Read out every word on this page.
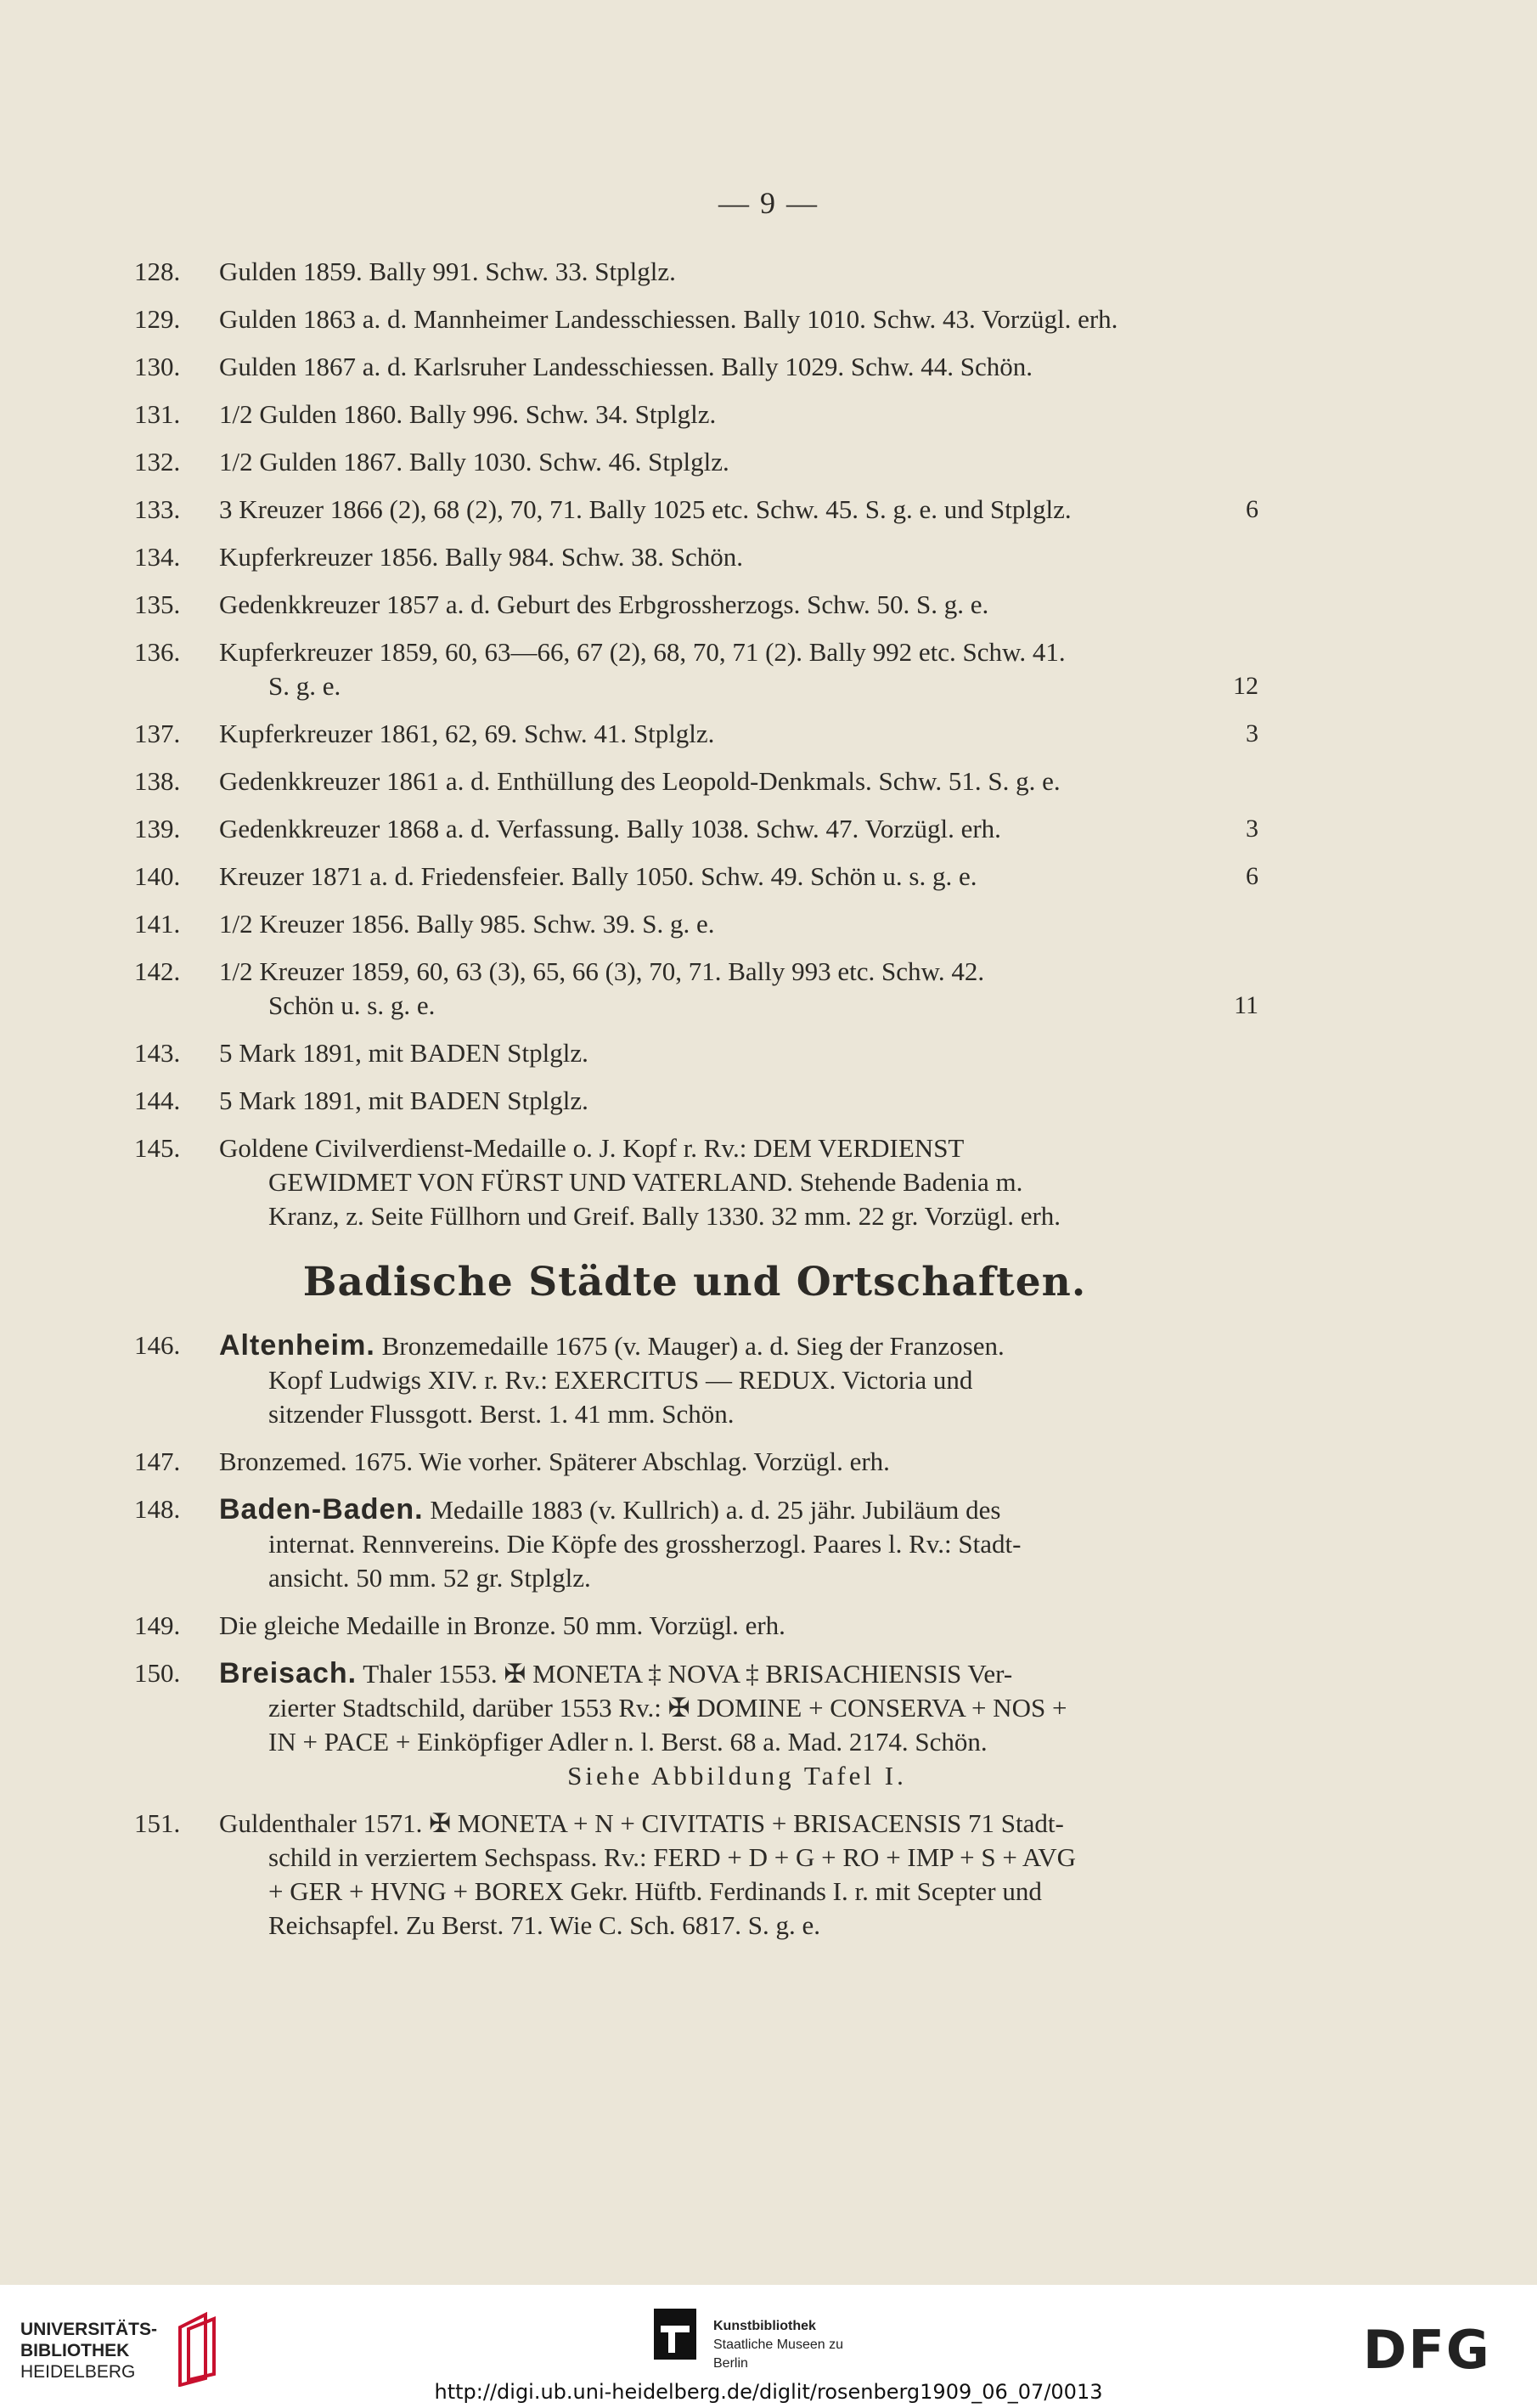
— 9 —
128.	Gulden 1859. Bally 991. Schw. 33. Stplglz.
129.	Gulden 1863 a. d. Mannheimer Landesschiessen. Bally 1010. Schw. 43. Vorzügl. erh.
130.	Gulden 1867 a. d. Karlsruher Landesschiessen. Bally 1029. Schw. 44. Schön.
131.	1/2 Gulden 1860. Bally 996. Schw. 34. Stplglz.
132.	1/2 Gulden 1867. Bally 1030. Schw. 46. Stplglz.
133.	3 Kreuzer 1866 (2), 68 (2), 70, 71. Bally 1025 etc. Schw. 45. S. g. e. und Stplglz.	6
134.	Kupferkreuzer 1856. Bally 984. Schw. 38. Schön.
135.	Gedenkkreuzer 1857 a. d. Geburt des Erbgrossherzogs. Schw. 50. S. g. e.
136.	Kupferkreuzer 1859, 60, 63—66, 67 (2), 68, 70, 71 (2). Bally 992 etc. Schw. 41.
S. g. e.	12
137.	Kupferkreuzer 1861, 62, 69. Schw. 41. Stplglz.	3
138.	Gedenkkreuzer 1861 a. d. Enthüllung des Leopold-Denkmals. Schw. 51. S. g. e.
139.	Gedenkkreuzer 1868 a. d. Verfassung. Bally 1038. Schw. 47. Vorzügl. erh.	3
140.	Kreuzer 1871 a. d. Friedensfeier. Bally 1050. Schw. 49. Schön u. s. g. e.	6
141.	1/2 Kreuzer 1856. Bally 985. Schw. 39. S. g. e.
142.	1/2 Kreuzer 1859, 60, 63 (3), 65, 66 (3), 70, 71. Bally 993 etc. Schw. 42.
Schön u. s. g. e.	11
143.	5 Mark 1891, mit BADEN Stplglz.
144.	5 Mark 1891, mit BADEN Stplglz.
145.	Goldene Civilverdienst-Medaille o. J. Kopf r. Rv.: DEM VERDIENST
GEWIDMET VON FÜRST UND VATERLAND. Stehende Badenia m.
Kranz, z. Seite Füllhorn und Greif. Bally 1330. 32 mm. 22 gr. Vorzügl. erh.
Badische Städte und Ortschaften.
146.	Altenheim. Bronzemedaille 1675 (v. Mauger) a. d. Sieg der Franzosen.
Kopf Ludwigs XIV. r. Rv.: EXERCITUS — REDUX. Victoria und
sitzender Flussgott. Berst. 1. 41 mm. Schön.
147.	Bronzemed. 1675. Wie vorher. Späterer Abschlag. Vorzügl. erh.
148.	Baden-Baden. Medaille 1883 (v. Kullrich) a. d. 25 jähr. Jubiläum des
internat. Rennvereins. Die Köpfe des grossherzogl. Paares l. Rv.: Stadt-
ansicht. 50 mm. 52 gr. Stplglz.
149.	Die gleiche Medaille in Bronze. 50 mm. Vorzügl. erh.
150.	Breisach. Thaler 1553. ✠ MONETA ‡ NOVA ‡ BRISACHIENSIS Ver-
zierter Stadtschild, darüber 1553 Rv.: ✠ DOMINE + CONSERVA + NOS +
IN + PACE + Einköpfiger Adler n. l. Berst. 68 a. Mad. 2174. Schön.
Siehe Abbildung Tafel I.
151.	Guldenthaler 1571. ✠ MONETA + N + CIVITATIS + BRISACENSIS 71 Stadt-
schild in verziertem Sechspass. Rv.: FERD + D + G + RO + IMP + S + AVG
+ GER + HVNG + BOREX Gekr. Hüftb. Ferdinands I. r. mit Scepter und
Reichsapfel. Zu Berst. 71. Wie C. Sch. 6817. S. g. e.
UNIVERSITÄTS-
BIBLIOTHEK
HEIDELBERG
Kunstbibliothek
Staatliche Museen zu Berlin	DFG
http://digi.ub.uni-heidelberg.de/diglit/rosenberg1909_06_07/0013
